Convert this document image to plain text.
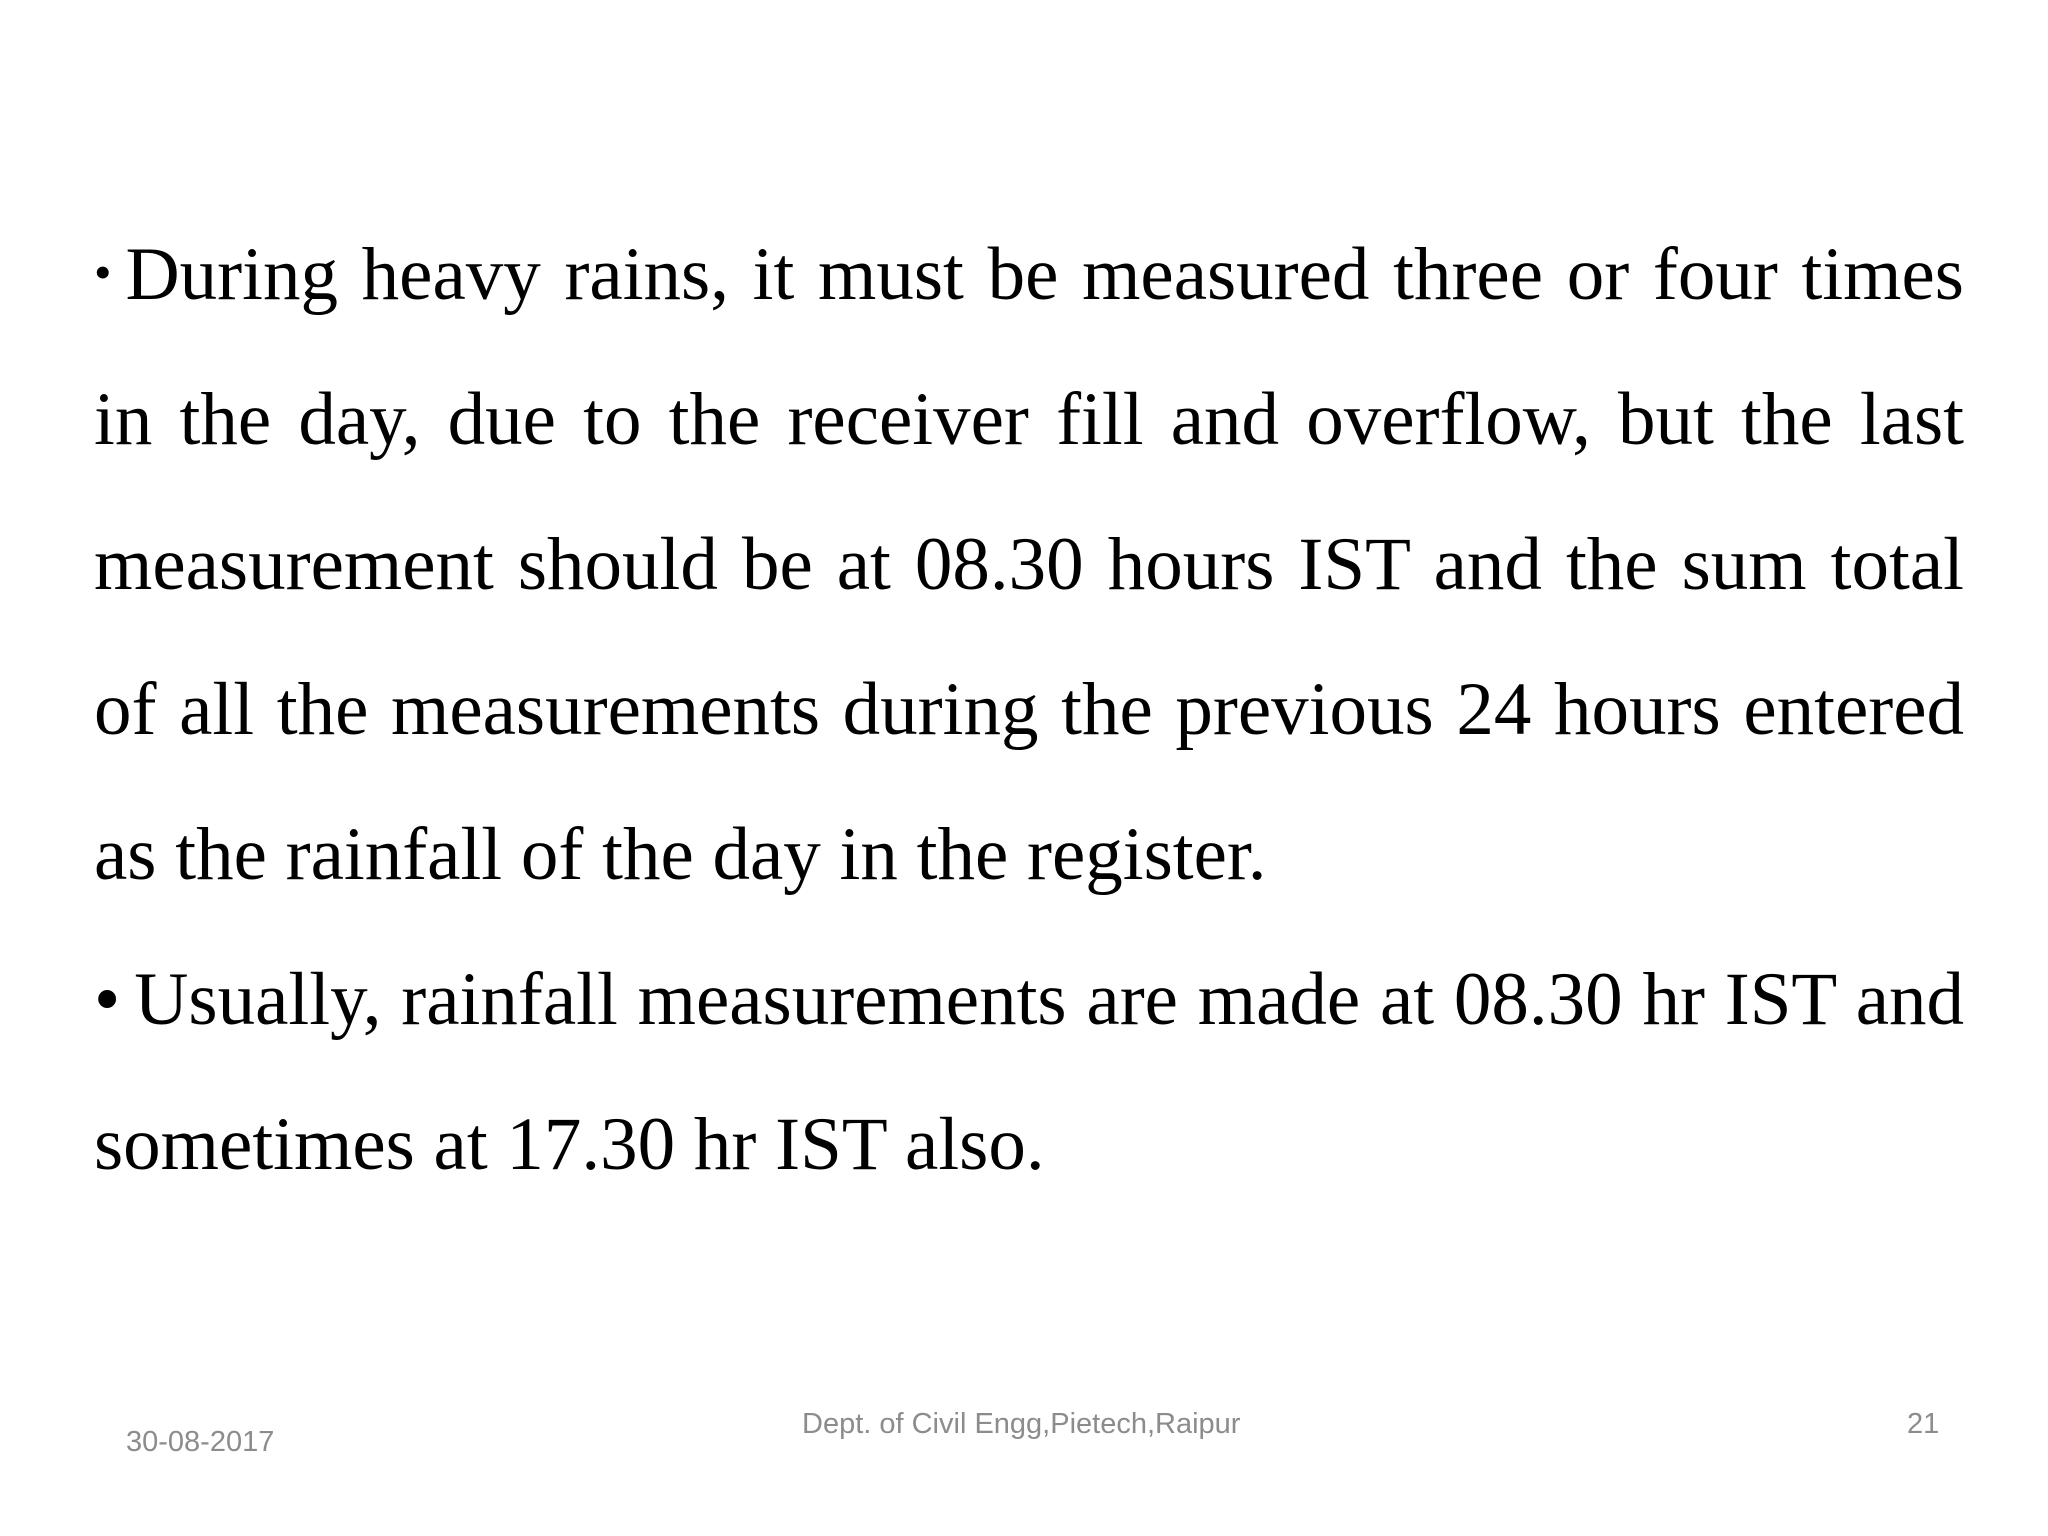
• During heavy rains, it must be measured three or four times in the day, due to the receiver fill and overflow, but the last measurement should be at 08.30 hours IST and the sum total of all the measurements during the previous 24 hours entered as the rainfall of the day in the register.

• Usually, rainfall measurements are made at 08.30 hr IST and sometimes at 17.30 hr IST also.

30-08-2017
Dept. of Civil Engg,Pietech,Raipur	21
